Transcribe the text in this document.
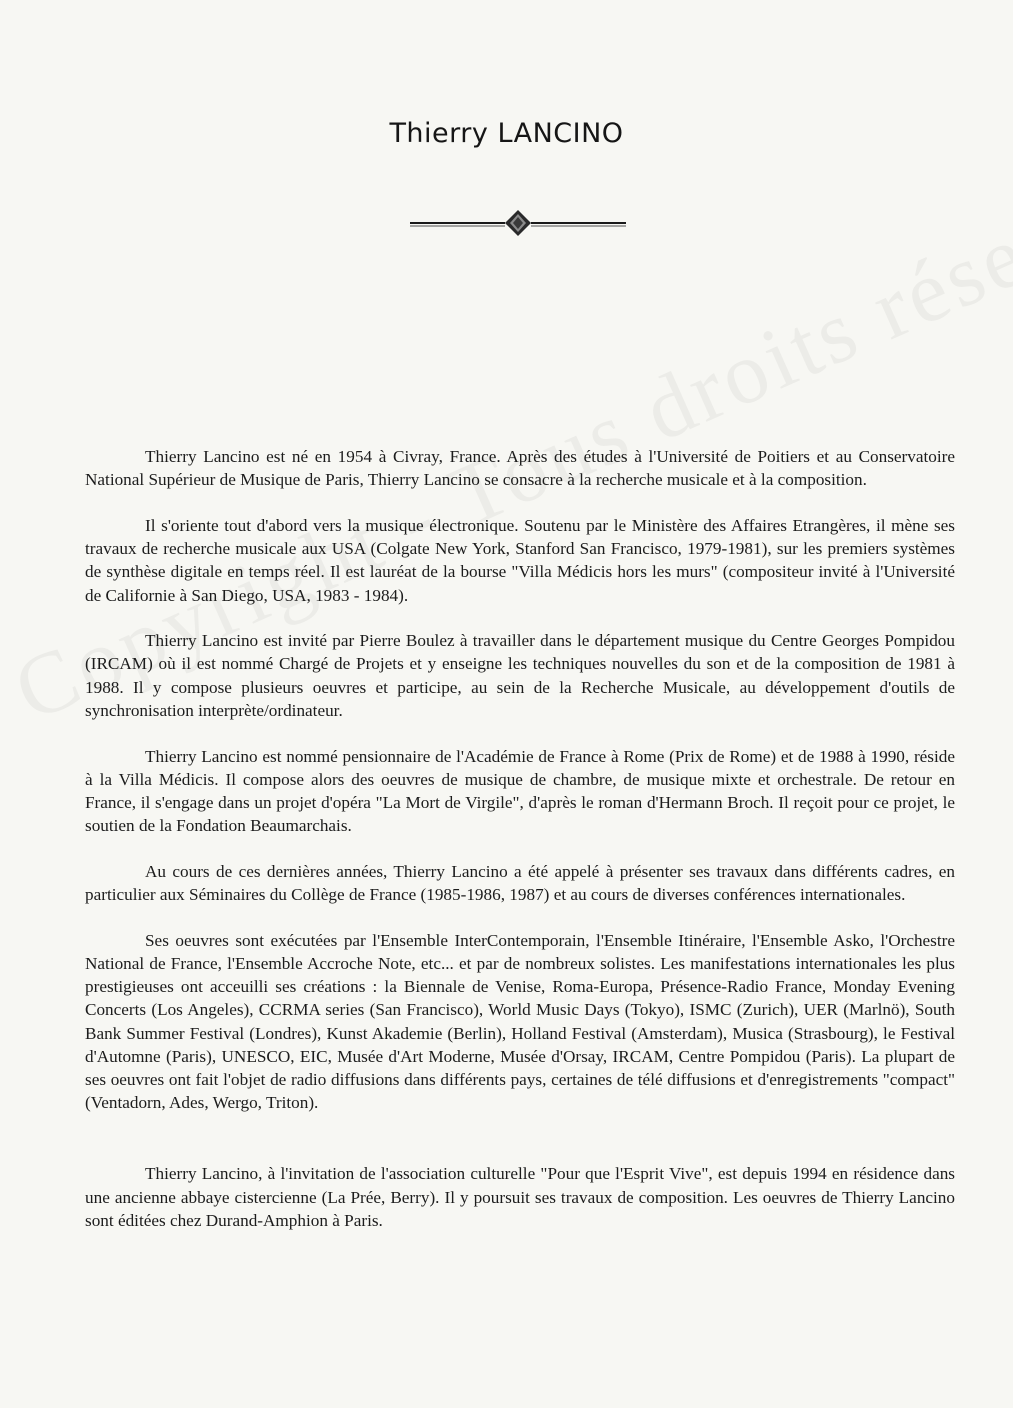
Thierry LANCINO

Thierry Lancino est né en 1954 à Civray, France. Après des études à l'Université de Poitiers et au Conservatoire National Supérieur de Musique de Paris, Thierry Lancino se consacre à la recherche musicale et à la composition.

Il s'oriente tout d'abord vers la musique électronique. Soutenu par le Ministère des Affaires Etrangères, il mène ses travaux de recherche musicale aux USA (Colgate New York, Stanford San Francisco, 1979-1981), sur les premiers systèmes de synthèse digitale en temps réel. Il est lauréat de la bourse "Villa Médicis hors les murs" (compositeur invité à l'Université de Californie à San Diego, USA, 1983 - 1984).

Thierry Lancino est invité par Pierre Boulez à travailler dans le département musique du Centre Georges Pompidou (IRCAM) où il est nommé Chargé de Projets et y enseigne les techniques nouvelles du son et de la composition de 1981 à 1988. Il y compose plusieurs oeuvres et participe, au sein de la Recherche Musicale, au développement d'outils de synchronisation interprète/ordinateur.

Thierry Lancino est nommé pensionnaire de l'Académie de France à Rome (Prix de Rome) et de 1988 à 1990, réside à la Villa Médicis. Il compose alors des oeuvres de musique de chambre, de musique mixte et orchestrale. De retour en France, il s'engage dans un projet d'opéra "La Mort de Virgile", d'après le roman d'Hermann Broch. Il reçoit pour ce projet, le soutien de la Fondation Beaumarchais.

Au cours de ces dernières années, Thierry Lancino a été appelé à présenter ses travaux dans différents cadres, en particulier aux Séminaires du Collège de France (1985-1986, 1987) et au cours de diverses conférences internationales.

Ses oeuvres sont exécutées par l'Ensemble InterContemporain, l'Ensemble Itinéraire, l'Ensemble Asko, l'Orchestre National de France, l'Ensemble Accroche Note, etc... et par de nombreux solistes. Les manifestations internationales les plus prestigieuses ont acceuilli ses créations : la Biennale de Venise, Roma-Europa, Présence-Radio France, Monday Evening Concerts (Los Angeles), CCRMA series (San Francisco), World Music Days (Tokyo), ISMC (Zurich), UER (Marlnö), South Bank Summer Festival (Londres), Kunst Akademie (Berlin), Holland Festival (Amsterdam), Musica (Strasbourg), le Festival d'Automne (Paris), UNESCO, EIC, Musée d'Art Moderne, Musée d'Orsay, IRCAM, Centre Pompidou (Paris). La plupart de ses oeuvres ont fait l'objet de radio diffusions dans différents pays, certaines de télé diffusions et d'enregistrements "compact" (Ventadorn, Ades, Wergo, Triton).

Thierry Lancino, à l'invitation de l'association culturelle "Pour que l'Esprit Vive", est depuis 1994 en résidence dans une ancienne abbaye cistercienne (La Prée, Berry). Il y poursuit ses travaux de composition. Les oeuvres de Thierry Lancino sont éditées chez Durand-Amphion à Paris.
